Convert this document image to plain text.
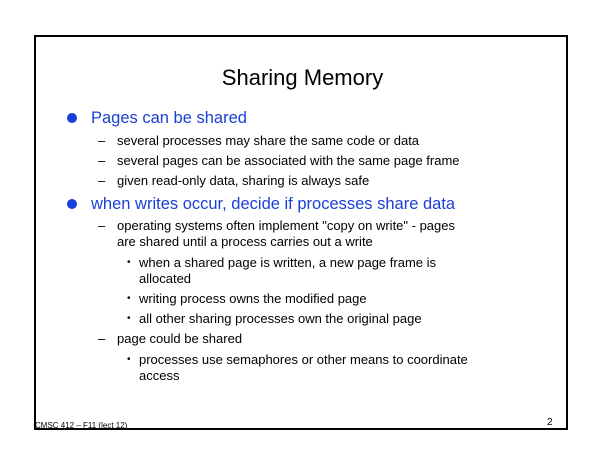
Sharing Memory
Pages can be shared
– several processes may share the same code or data
– several pages can be associated with the same page frame
– given read-only data, sharing is always safe
when writes occur, decide if processes share data
– operating systems often implement "copy on write" - pages
are shared until a process carries out a write
• when a shared page is written, a new page frame is
allocated
• writing process owns the modified page
• all other sharing processes own the original page
– page could be shared
• processes use semaphores or other means to coordinate
access
CMSC 412 – F11 (lect 12)	2
